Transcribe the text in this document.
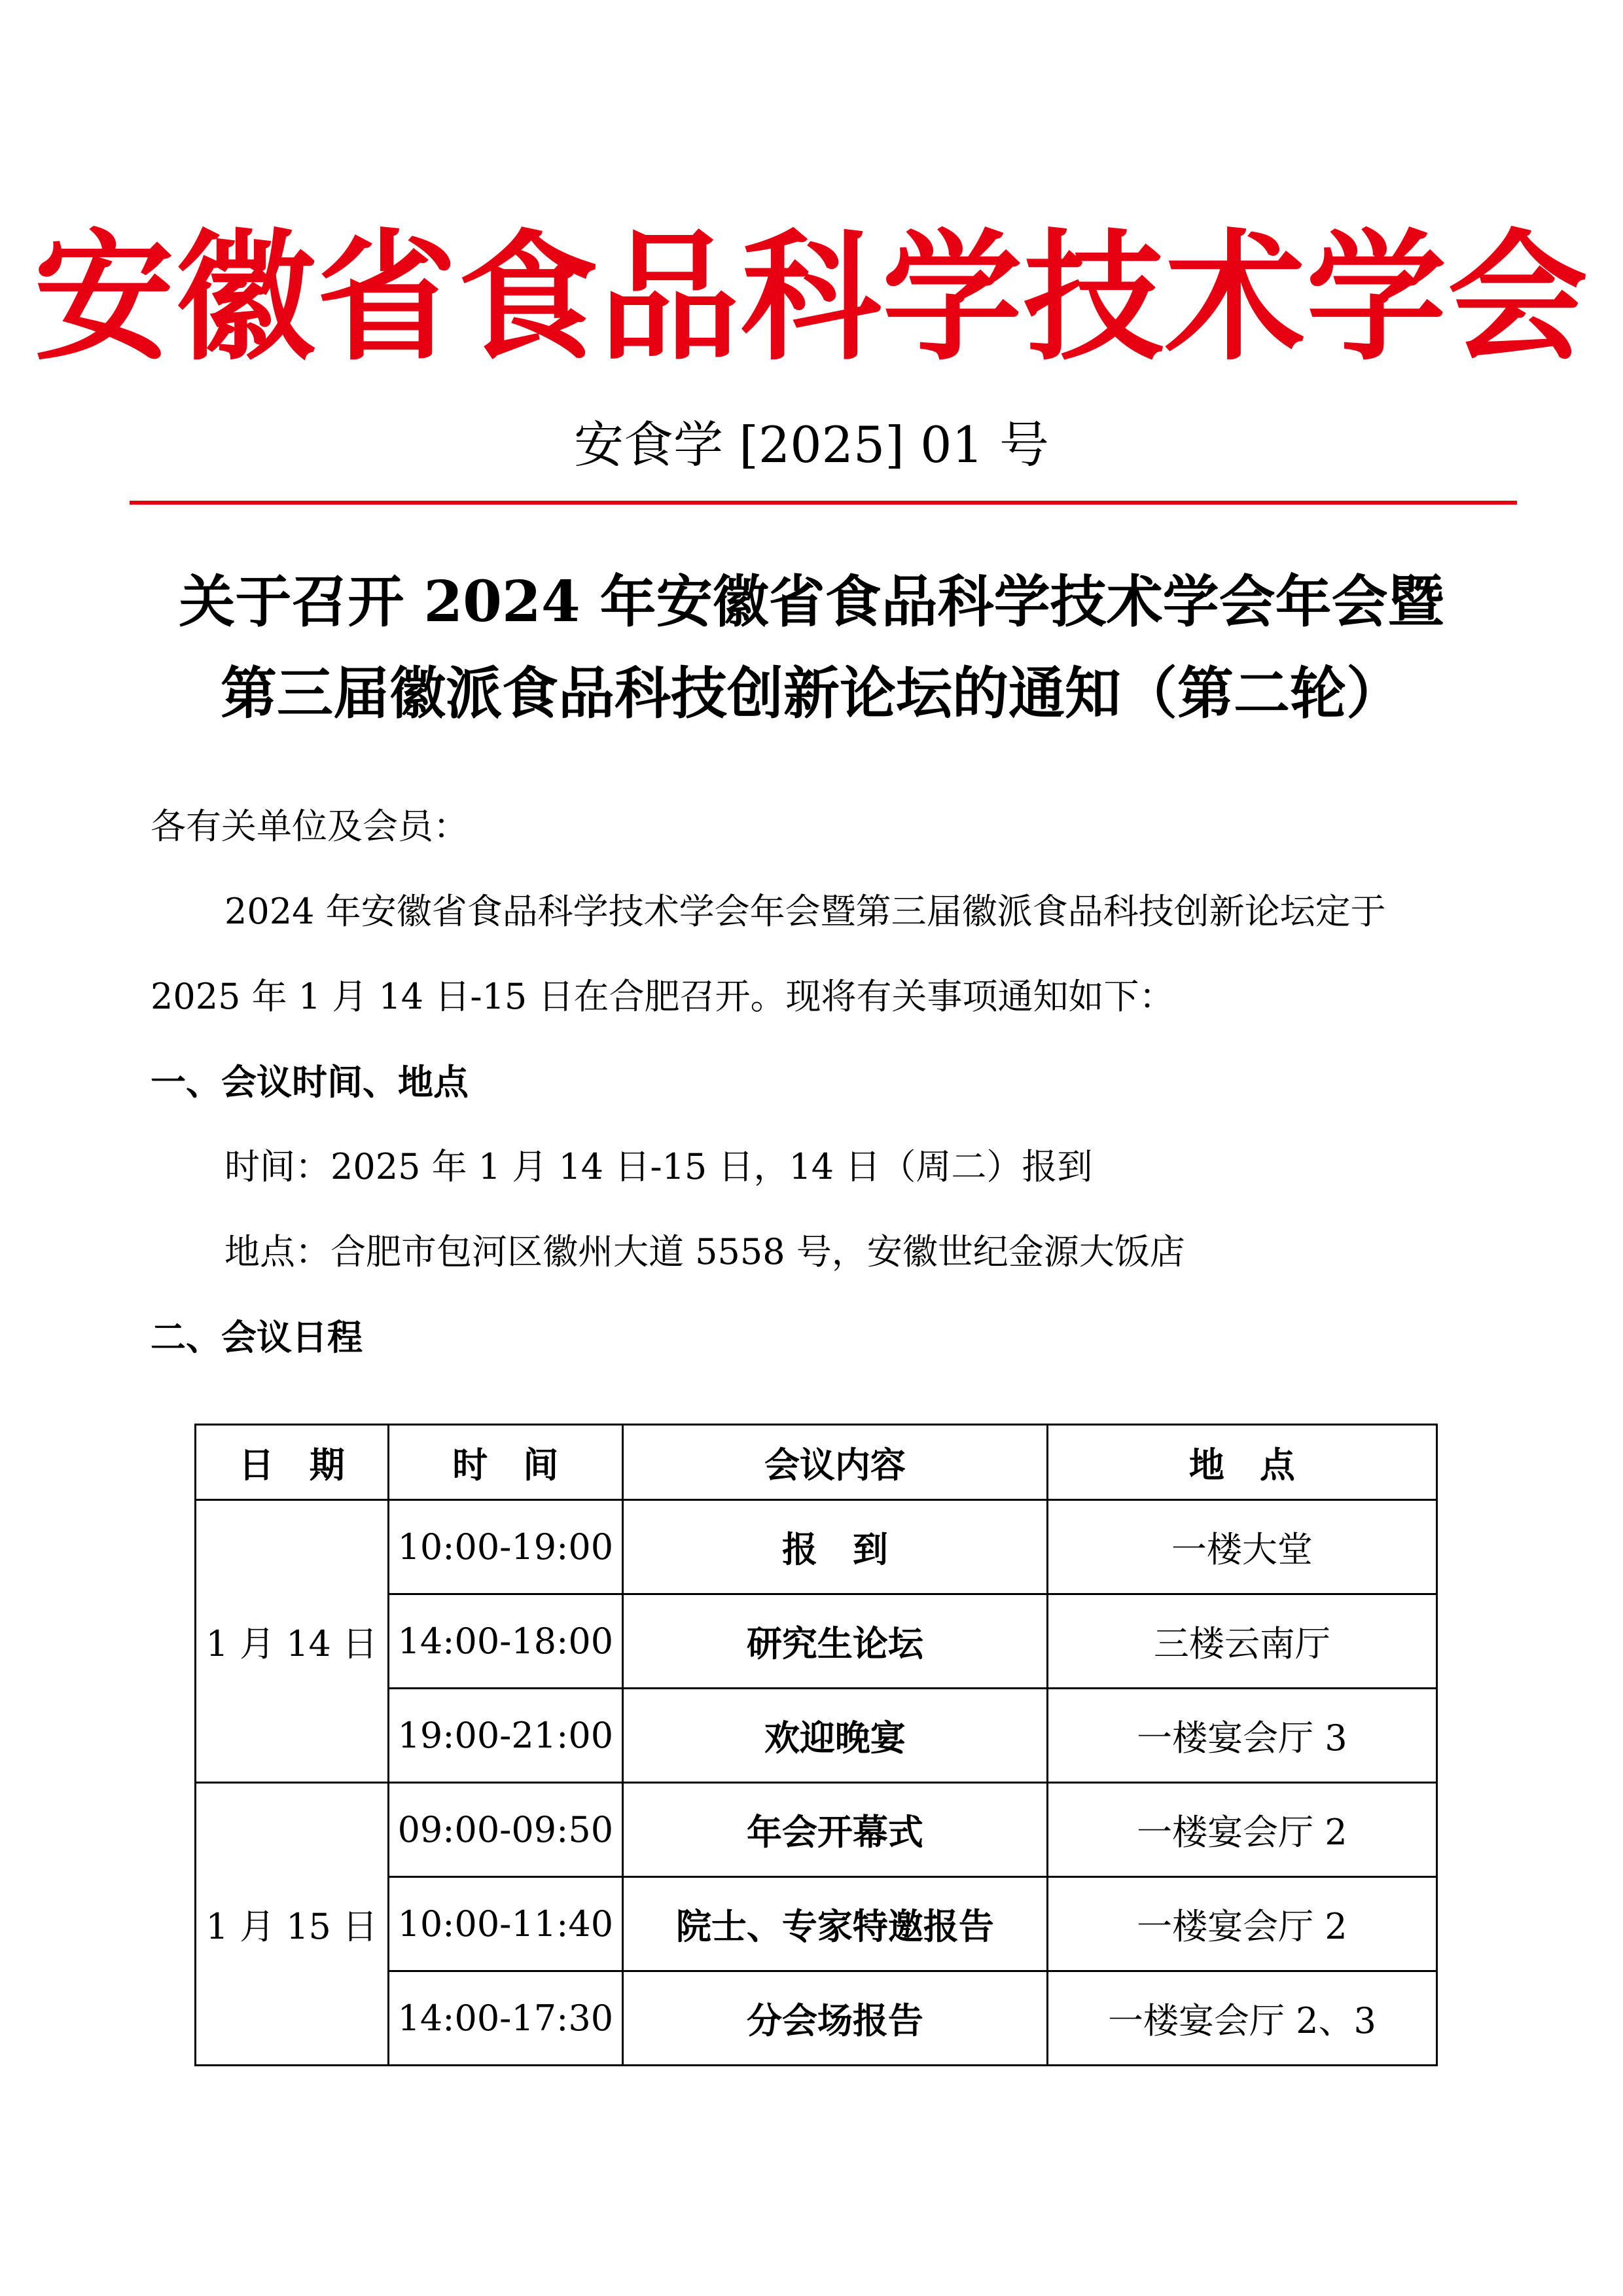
安徽省食品科学技术学会
安食学 [2025] 01 号
关于召开 2024 年安徽省食品科学技术学会年会暨
第三届徽派食品科技创新论坛的通知（第二轮）
各有关单位及会员：
2024 年安徽省食品科学技术学会年会暨第三届徽派食品科技创新论坛定于
2025 年 1 月 14 日-15 日在合肥召开。现将有关事项通知如下：
一、会议时间、地点
时间：2025 年 1 月 14 日-15 日，14 日（周二）报到
地点：合肥市包河区徽州大道 5558 号，安徽世纪金源大饭店
二、会议日程
日　期	时　间	会议内容	地　点
1 月 14 日	10:00-19:00	报　到	一楼大堂
	14:00-18:00	研究生论坛	三楼云南厅
	19:00-21:00	欢迎晚宴	一楼宴会厅 3
1 月 15 日	09:00-09:50	年会开幕式	一楼宴会厅 2
	10:00-11:40	院士、专家特邀报告	一楼宴会厅 2
	14:00-17:30	分会场报告	一楼宴会厅 2、3
